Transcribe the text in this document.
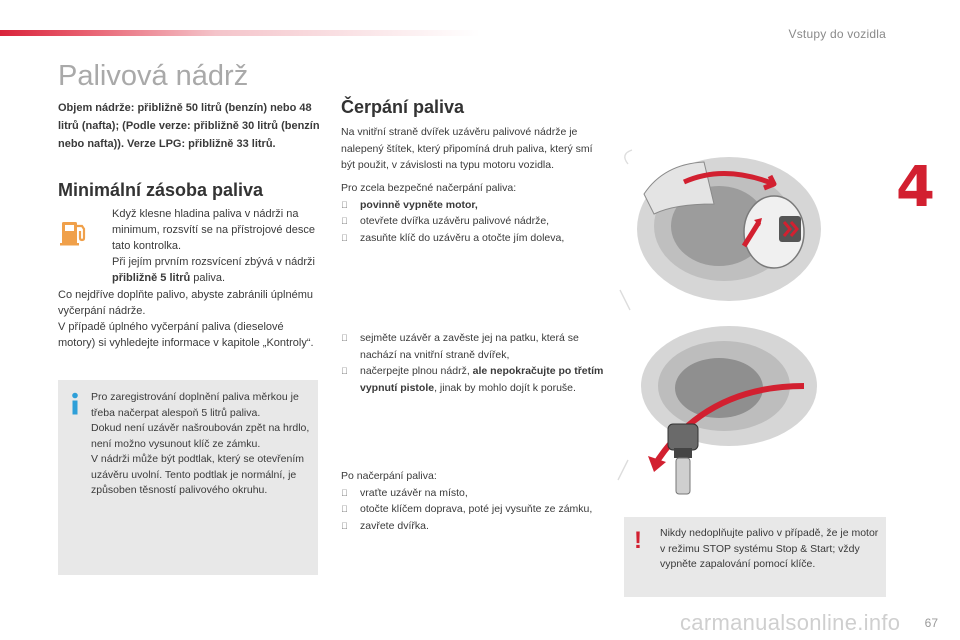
Vstupy do vozidla
4
Palivová nádrž

Objem nádrže: přibližně 50 litrů (benzín) nebo 48 litrů (nafta); (Podle verze: přibližně 30 litrů (benzín nebo nafta)). Verze LPG: přibližně 33 litrů.

Minimální zásoba paliva

Když klesne hladina paliva v nádrži na minimum, rozsvítí se na přístrojové desce tato kontrolka.

Při jejím prvním rozsvícení zbývá v nádrži přibližně 5 litrů paliva.

Co nejdříve doplňte palivo, abyste zabránili úplnému vyčerpání nádrže.

V případě úplného vyčerpání paliva (dieselové motory) si vyhledejte informace v kapitole „Kontroly“.

Pro zaregistrování doplnění paliva měrkou je třeba načerpat alespoň 5 litrů paliva.

Dokud není uzávěr našroubován zpět na hrdlo, není možno vysunout klíč ze zámku.

V nádrži může být podtlak, který se otevřením uzávěru uvolní. Tento podtlak je normální, je způsoben těsností palivového okruhu.

Čerpání paliva

Na vnitřní straně dvířek uzávěru palivové nádrže je nalepený štítek, který připomíná druh paliva, který smí být použit, v závislosti na typu motoru vozidla.

Pro zcela bezpečné načerpání paliva:

povinně vypněte motor,
otevřete dvířka uzávěru palivové nádrže,
zasuňte klíč do uzávěru a otočte jím doleva,
sejměte uzávěr a zavěste jej na patku, která se nachází na vnitřní straně dvířek,
načerpejte plnou nádrž, ale nepokračujte po třetím vypnutí pistole, jinak by mohlo dojít k poruše.

Po načerpání paliva:

vraťte uzávěr na místo,
otočte klíčem doprava, poté jej vysuňte ze zámku,
zavřete dvířka.
! Nikdy nedoplňujte palivo v případě, že je motor v režimu STOP systému Stop & Start; vždy vypněte zapalování pomocí klíče.
carmanualsonline.info 67
